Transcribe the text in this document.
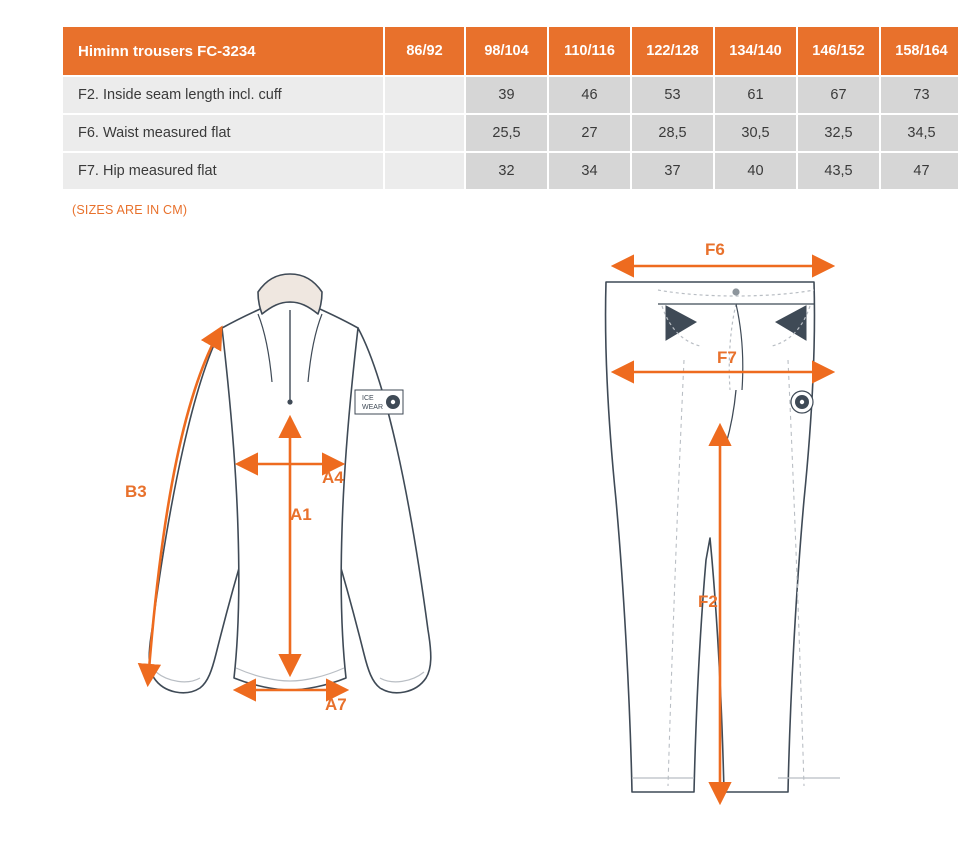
Himinn trousers FC-3234	86/92	98/104	110/116	122/128	134/140	146/152	158/164
F2. Inside seam length incl. cuff		39	46	53	61	67	73
F6. Waist measured flat		25,5	27	28,5	30,5	32,5	34,5
F7. Hip measured flat		32	34	37	40	43,5	47
(SIZES ARE IN CM)
ICE
WEAR
B3
A4
A1
A7
F6
F7
F2
